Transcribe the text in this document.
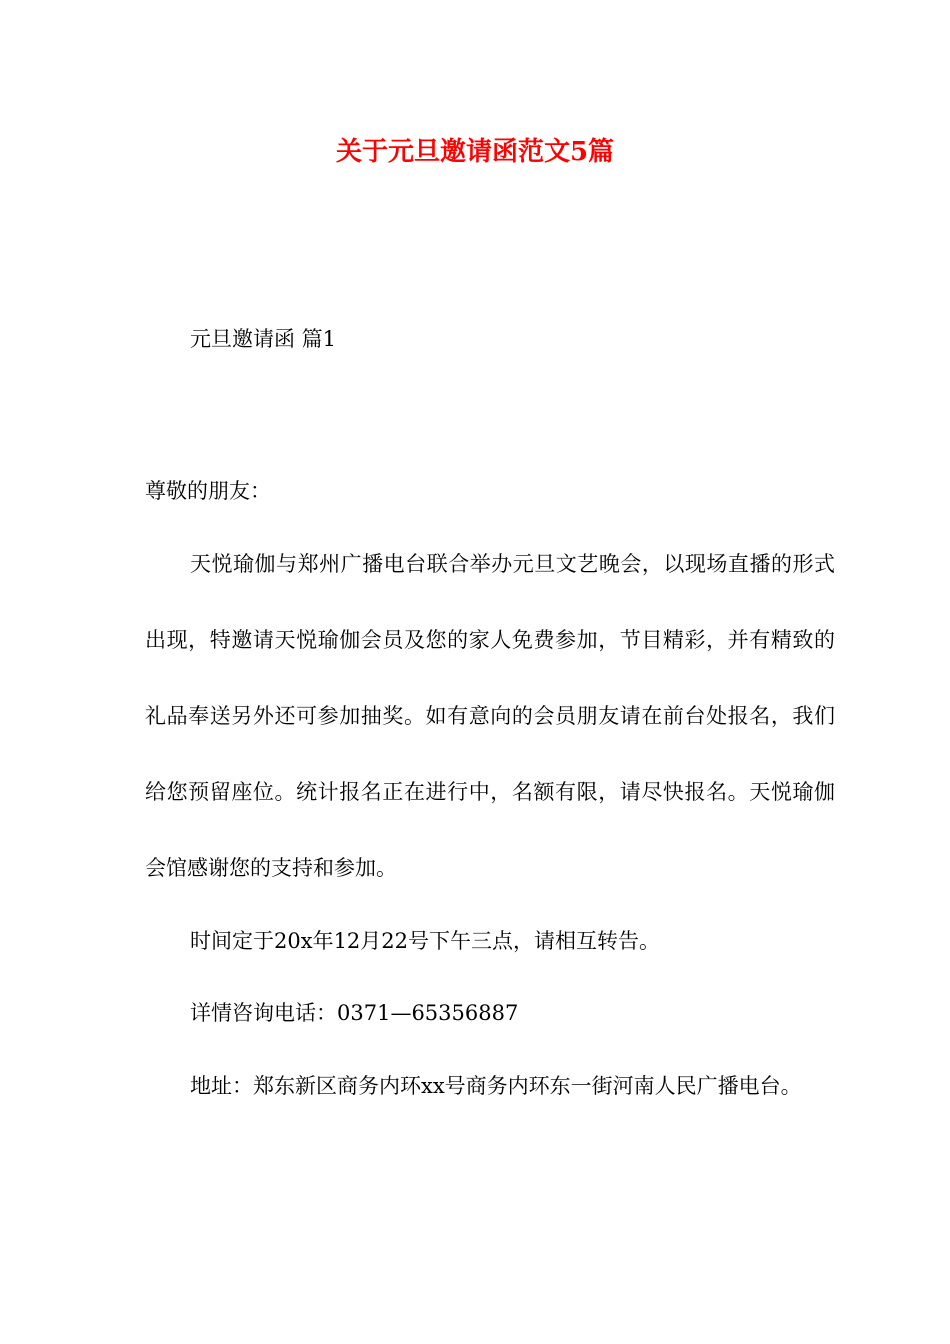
关于元旦邀请函范文5篇

元旦邀请函 篇1

尊敬的朋友：

天悦瑜伽与郑州广播电台联合举办元旦文艺晚会，以现场直播的形式出现，特邀请天悦瑜伽会员及您的家人免费参加，节目精彩，并有精致的礼品奉送另外还可参加抽奖。如有意向的会员朋友请在前台处报名，我们给您预留座位。统计报名正在进行中，名额有限，请尽快报名。天悦瑜伽会馆感谢您的支持和参加。

时间定于20x年12月22号下午三点，请相互转告。

详情咨询电话：0371—65356887

地址：郑东新区商务内环xx号商务内环东一街河南人民广播电台。
